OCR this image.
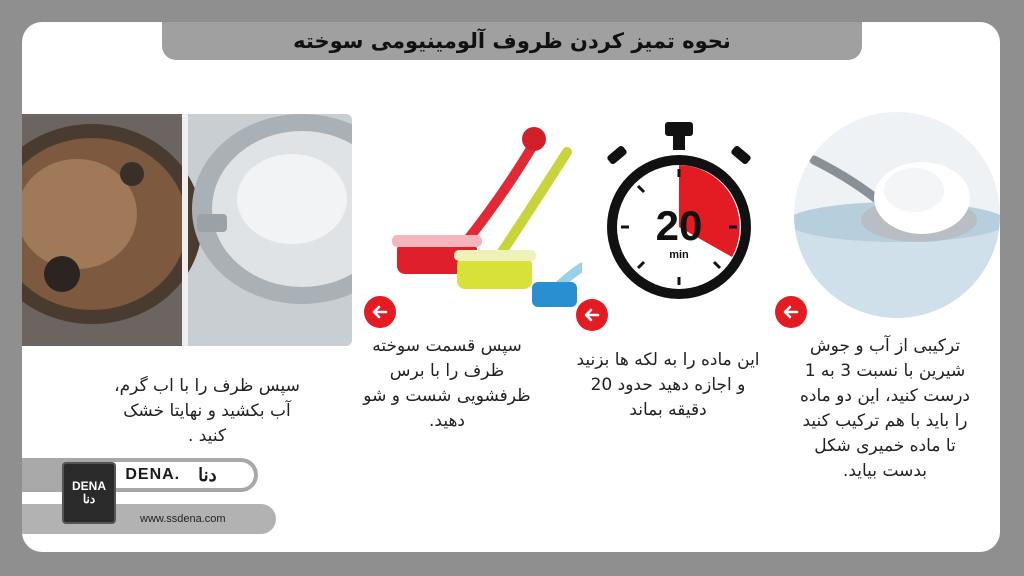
نحوه تمیز کردن ظروف آلومینیومی سوخته
20
min
ترکیبی از آب و جوش
شیرین با نسبت 3 به 1
درست کنید، این دو ماده
را باید با هم ترکیب کنید
تا ماده خمیری شکل
بدست بیاید.
این ماده را به لکه ها بزنید
و اجازه دهید حدود 20
دقیقه بماند
سپس قسمت سوخته
ظرف را با برس
ظرفشویی شست و شو
دهید.
سپس ظرف را با اب گرم،
آب بکشید و نهایتا خشک
کنید .
DENA. دنا
www.ssdena.com
DENA
دنا
